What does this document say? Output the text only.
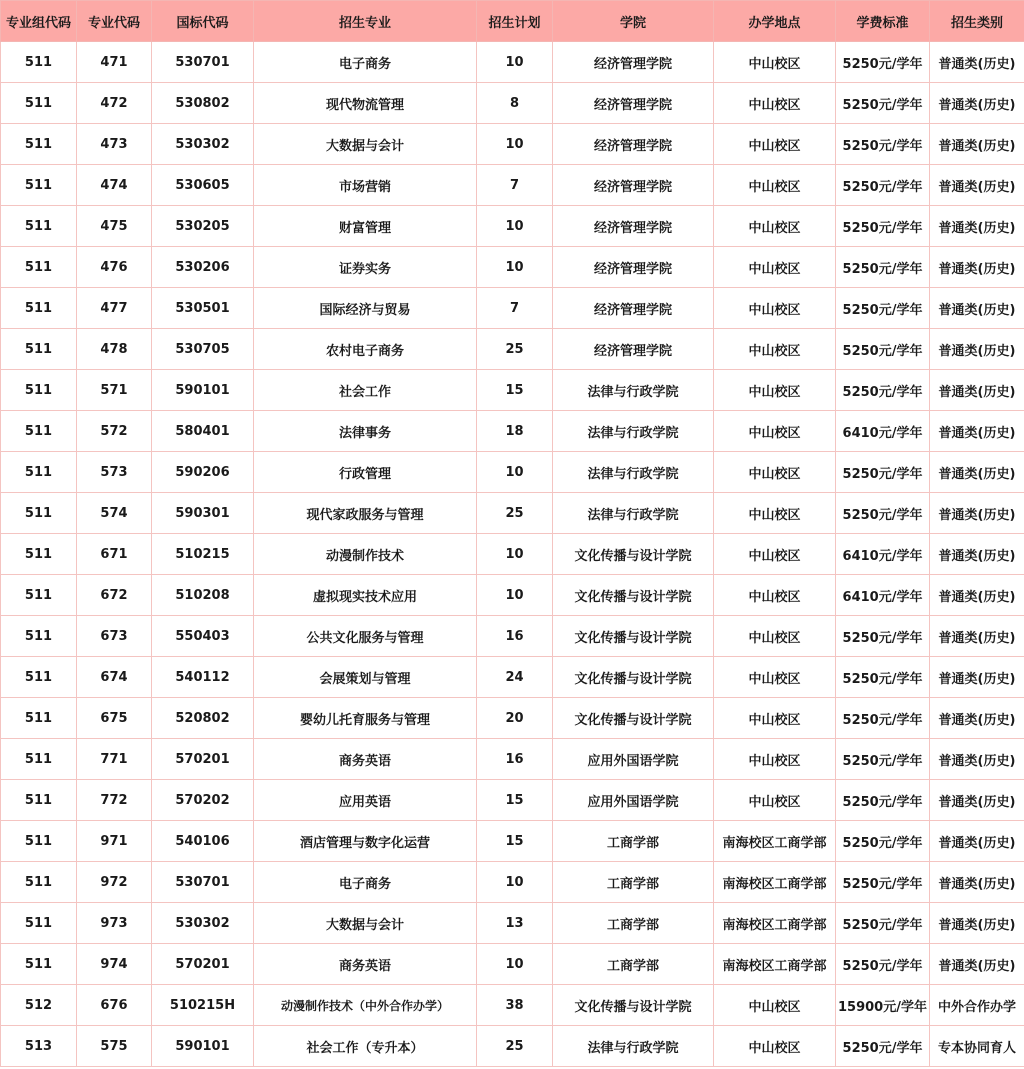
专业组代码	专业代码	国标代码	招生专业	招生计划	学院	办学地点	学费标准	招生类别
511	471	530701	电子商务	10	经济管理学院	中山校区	5250元/学年	普通类(历史)
511	472	530802	现代物流管理	8	经济管理学院	中山校区	5250元/学年	普通类(历史)
511	473	530302	大数据与会计	10	经济管理学院	中山校区	5250元/学年	普通类(历史)
511	474	530605	市场营销	7	经济管理学院	中山校区	5250元/学年	普通类(历史)
511	475	530205	财富管理	10	经济管理学院	中山校区	5250元/学年	普通类(历史)
511	476	530206	证券实务	10	经济管理学院	中山校区	5250元/学年	普通类(历史)
511	477	530501	国际经济与贸易	7	经济管理学院	中山校区	5250元/学年	普通类(历史)
511	478	530705	农村电子商务	25	经济管理学院	中山校区	5250元/学年	普通类(历史)
511	571	590101	社会工作	15	法律与行政学院	中山校区	5250元/学年	普通类(历史)
511	572	580401	法律事务	18	法律与行政学院	中山校区	6410元/学年	普通类(历史)
511	573	590206	行政管理	10	法律与行政学院	中山校区	5250元/学年	普通类(历史)
511	574	590301	现代家政服务与管理	25	法律与行政学院	中山校区	5250元/学年	普通类(历史)
511	671	510215	动漫制作技术	10	文化传播与设计学院	中山校区	6410元/学年	普通类(历史)
511	672	510208	虚拟现实技术应用	10	文化传播与设计学院	中山校区	6410元/学年	普通类(历史)
511	673	550403	公共文化服务与管理	16	文化传播与设计学院	中山校区	5250元/学年	普通类(历史)
511	674	540112	会展策划与管理	24	文化传播与设计学院	中山校区	5250元/学年	普通类(历史)
511	675	520802	婴幼儿托育服务与管理	20	文化传播与设计学院	中山校区	5250元/学年	普通类(历史)
511	771	570201	商务英语	16	应用外国语学院	中山校区	5250元/学年	普通类(历史)
511	772	570202	应用英语	15	应用外国语学院	中山校区	5250元/学年	普通类(历史)
511	971	540106	酒店管理与数字化运营	15	工商学部	南海校区工商学部	5250元/学年	普通类(历史)
511	972	530701	电子商务	10	工商学部	南海校区工商学部	5250元/学年	普通类(历史)
511	973	530302	大数据与会计	13	工商学部	南海校区工商学部	5250元/学年	普通类(历史)
511	974	570201	商务英语	10	工商学部	南海校区工商学部	5250元/学年	普通类(历史)
512	676	510215H	动漫制作技术（中外合作办学）	38	文化传播与设计学院	中山校区	15900元/学年	中外合作办学
513	575	590101	社会工作（专升本）	25	法律与行政学院	中山校区	5250元/学年	专本协同育人
